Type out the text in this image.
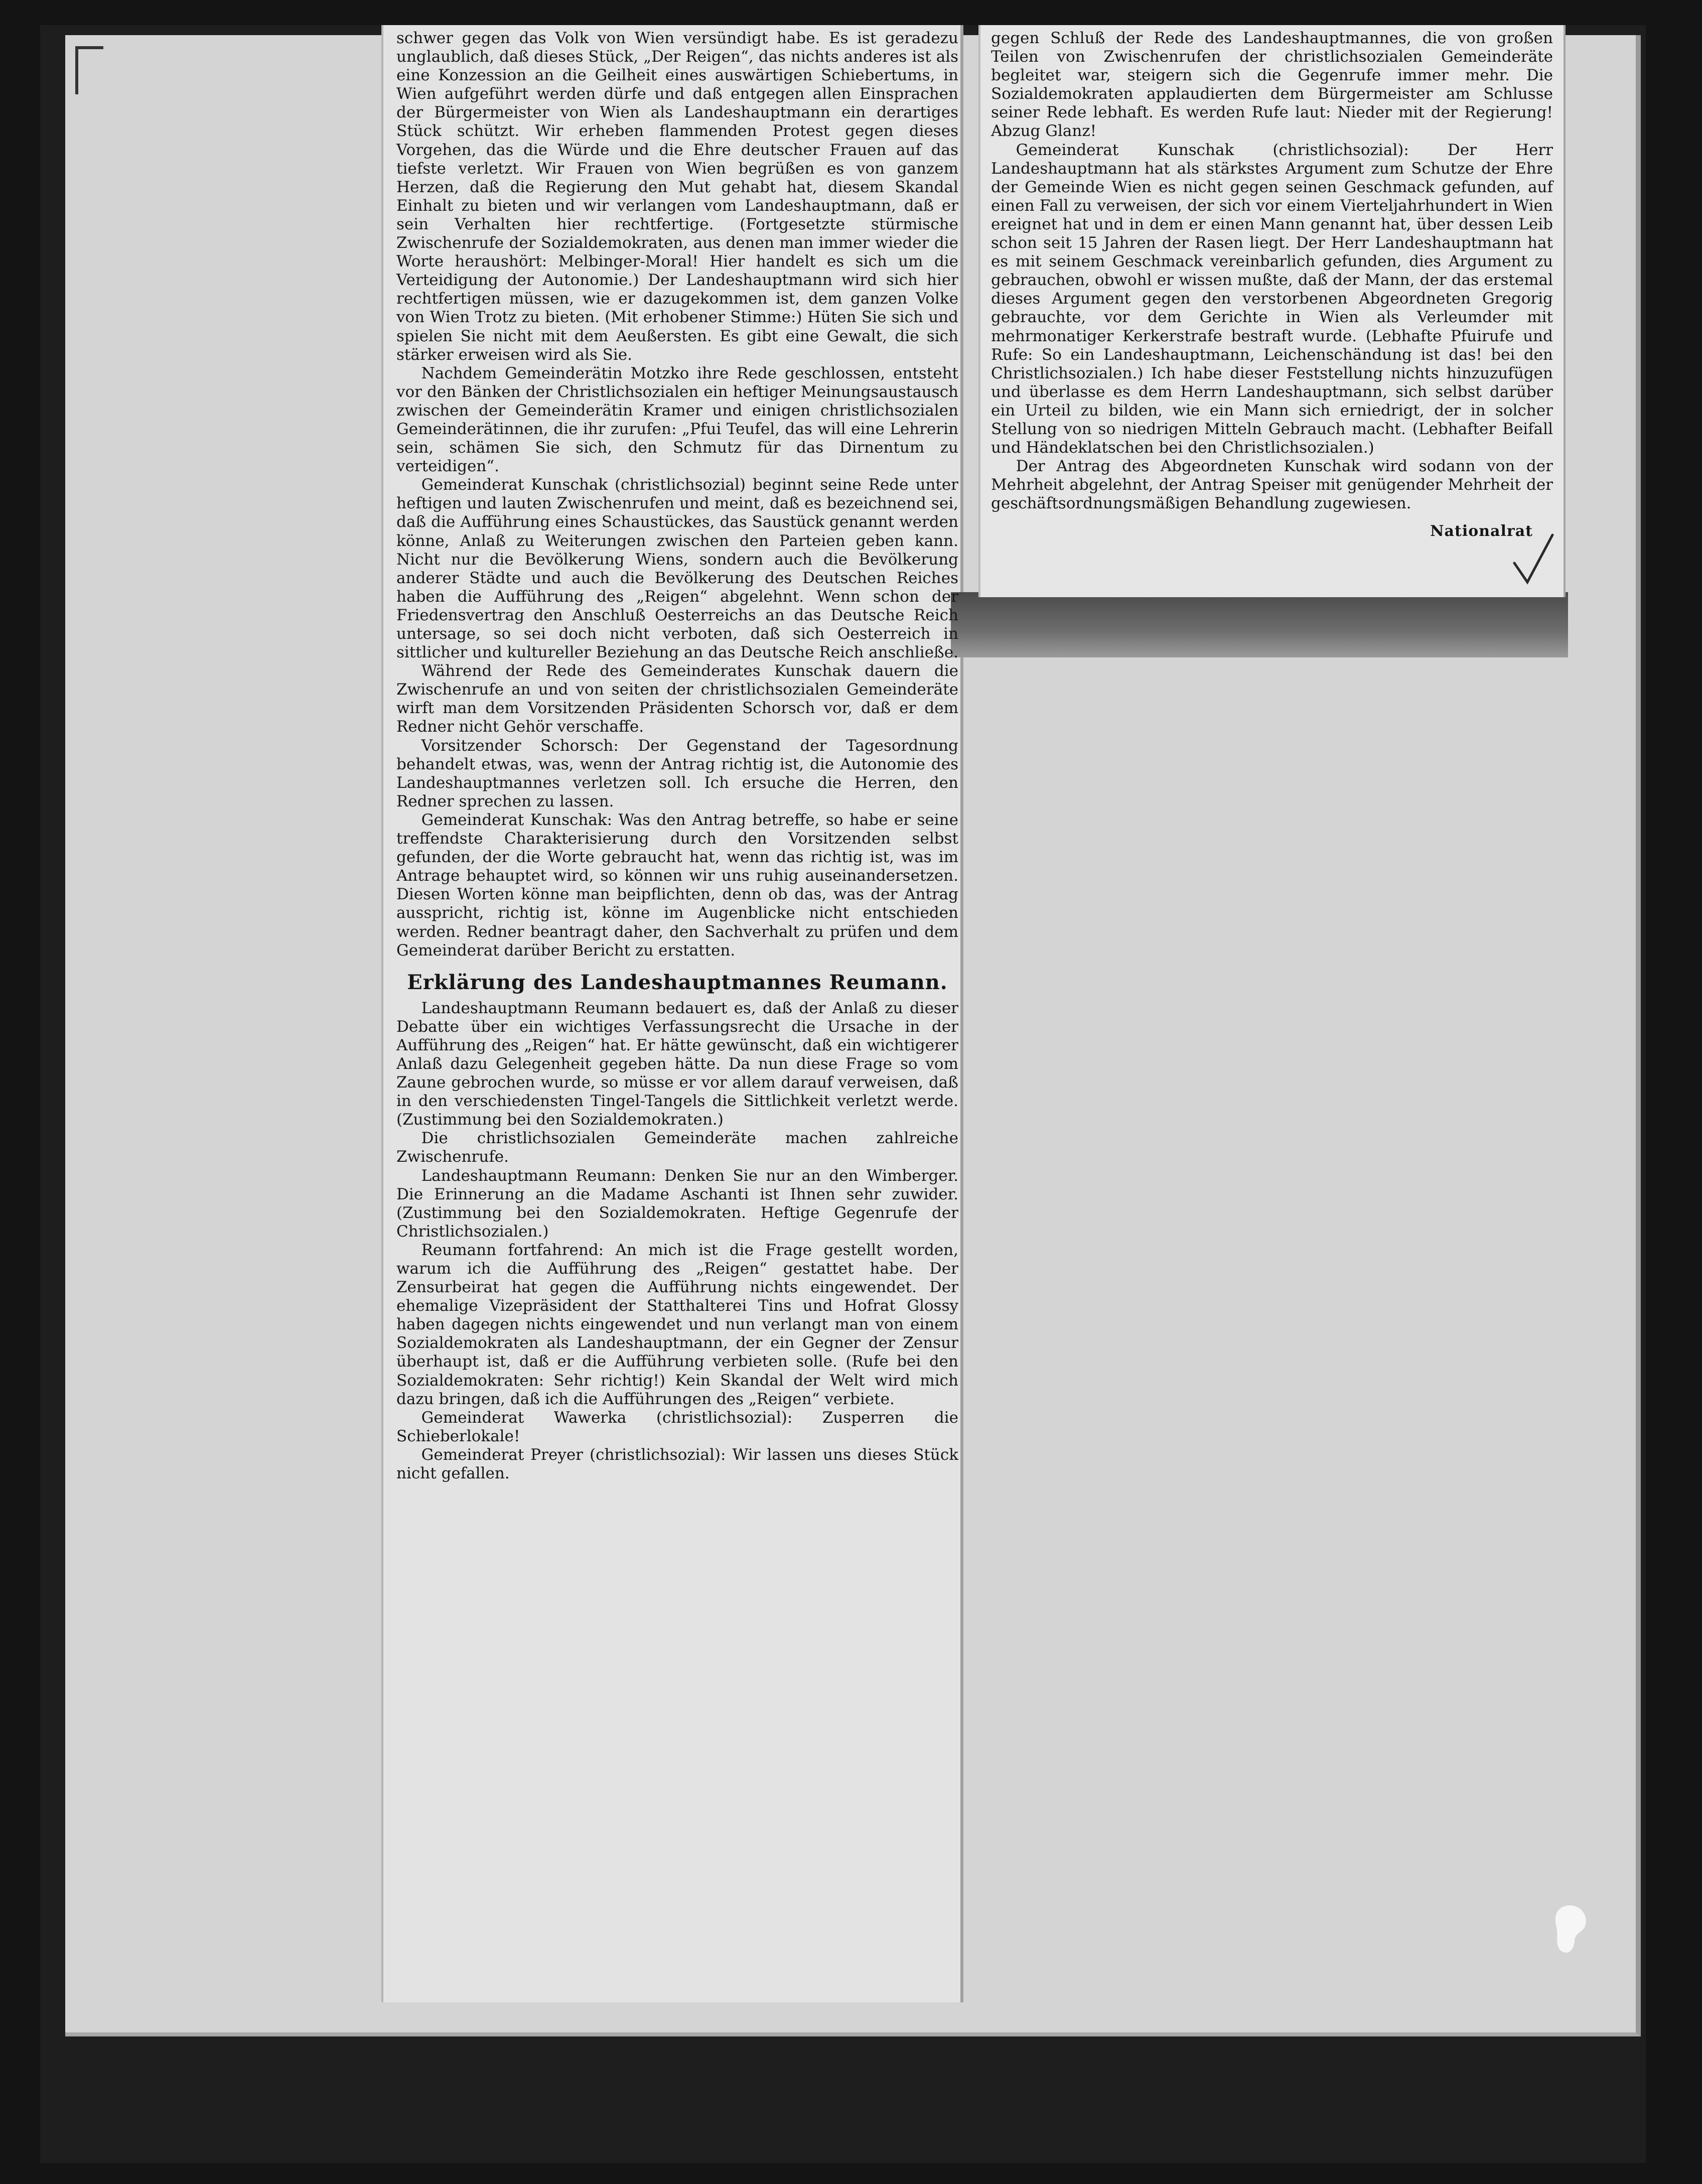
schwer gegen das Volk von Wien versündigt habe. Es ist geradezu unglaublich, daß dieses Stück, „Der Reigen“, das nichts anderes ist als eine Konzession an die Geilheit eines auswärtigen Schiebertums, in Wien aufgeführt werden dürfe und daß entgegen allen Einsprachen der Bürgermeister von Wien als Landeshauptmann ein derartiges Stück schützt. Wir erheben flammenden Protest gegen dieses Vorgehen, das die Würde und die Ehre deutscher Frauen auf das tiefste verletzt. Wir Frauen von Wien begrüßen es von ganzem Herzen, daß die Regierung den Mut gehabt hat, diesem Skandal Einhalt zu bieten und wir verlangen vom Landeshauptmann, daß er sein Verhalten hier rechtfertige. (Fortgesetzte stürmische Zwischenrufe der Sozialdemokraten, aus denen man immer wieder die Worte heraushört: Melbinger-Moral! Hier handelt es sich um die Verteidigung der Autonomie.) Der Landeshauptmann wird sich hier rechtfertigen müssen, wie er dazugekommen ist, dem ganzen Volke von Wien Trotz zu bieten. (Mit erhobener Stimme:) Hüten Sie sich und spielen Sie nicht mit dem Aeußersten. Es gibt eine Gewalt, die sich stärker erweisen wird als Sie.

Nachdem Gemeinderätin Motzko ihre Rede geschlossen, entsteht vor den Bänken der Christlichsozialen ein heftiger Meinungsaustausch zwischen der Gemeinderätin Kramer und einigen christlichsozialen Gemeinderätinnen, die ihr zurufen: „Pfui Teufel, das will eine Lehrerin sein, schämen Sie sich, den Schmutz für das Dirnentum zu verteidigen“.

Gemeinderat Kunschak (christlichsozial) beginnt seine Rede unter heftigen und lauten Zwischenrufen und meint, daß es bezeichnend sei, daß die Aufführung eines Schaustückes, das Saustück genannt werden könne, Anlaß zu Weiterungen zwischen den Parteien geben kann. Nicht nur die Bevölkerung Wiens, sondern auch die Bevölkerung anderer Städte und auch die Bevölkerung des Deutschen Reiches haben die Aufführung des „Reigen“ abgelehnt. Wenn schon der Friedensvertrag den Anschluß Oesterreichs an das Deutsche Reich untersage, so sei doch nicht verboten, daß sich Oesterreich in sittlicher und kultureller Beziehung an das Deutsche Reich anschließe.

Während der Rede des Gemeinderates Kunschak dauern die Zwischenrufe an und von seiten der christlichsozialen Gemeinderäte wirft man dem Vorsitzenden Präsidenten Schorsch vor, daß er dem Redner nicht Gehör verschaffe.

Vorsitzender Schorsch: Der Gegenstand der Tagesordnung behandelt etwas, was, wenn der Antrag richtig ist, die Autonomie des Landeshauptmannes verletzen soll. Ich ersuche die Herren, den Redner sprechen zu lassen.

Gemeinderat Kunschak: Was den Antrag betreffe, so habe er seine treffendste Charakterisierung durch den Vorsitzenden selbst gefunden, der die Worte gebraucht hat, wenn das richtig ist, was im Antrage behauptet wird, so können wir uns ruhig auseinandersetzen. Diesen Worten könne man beipflichten, denn ob das, was der Antrag ausspricht, richtig ist, könne im Augenblicke nicht entschieden werden. Redner beantragt daher, den Sachverhalt zu prüfen und dem Gemeinderat darüber Bericht zu erstatten.

Erklärung des Landeshauptmannes Reumann.

Landeshauptmann Reumann bedauert es, daß der Anlaß zu dieser Debatte über ein wichtiges Verfassungsrecht die Ursache in der Aufführung des „Reigen“ hat. Er hätte gewünscht, daß ein wichtigerer Anlaß dazu Gelegenheit gegeben hätte. Da nun diese Frage so vom Zaune gebrochen wurde, so müsse er vor allem darauf verweisen, daß in den verschiedensten Tingel-Tangels die Sittlichkeit verletzt werde. (Zustimmung bei den Sozialdemokraten.)

Die christlichsozialen Gemeinderäte machen zahlreiche Zwischenrufe.

Landeshauptmann Reumann: Denken Sie nur an den Wimberger. Die Erinnerung an die Madame Aschanti ist Ihnen sehr zuwider. (Zustimmung bei den Sozialdemokraten. Heftige Gegenrufe der Christlichsozialen.)

Reumann fortfahrend: An mich ist die Frage gestellt worden, warum ich die Aufführung des „Reigen“ gestattet habe. Der Zensurbeirat hat gegen die Aufführung nichts eingewendet. Der ehemalige Vizepräsident der Statthalterei Tins und Hofrat Glossy haben dagegen nichts eingewendet und nun verlangt man von einem Sozialdemokraten als Landeshauptmann, der ein Gegner der Zensur überhaupt ist, daß er die Aufführung verbieten solle. (Rufe bei den Sozialdemokraten: Sehr richtig!) Kein Skandal der Welt wird mich dazu bringen, daß ich die Aufführungen des „Reigen“ verbiete.

Gemeinderat Wawerka (christlichsozial): Zusperren die Schieberlokale!

Gemeinderat Preyer (christlichsozial): Wir lassen uns dieses Stück nicht gefallen.

gegen Schluß der Rede des Landeshauptmannes, die von großen Teilen von Zwischenrufen der christlichsozialen Gemeinderäte begleitet war, steigern sich die Gegenrufe immer mehr. Die Sozialdemokraten applaudierten dem Bürgermeister am Schlusse seiner Rede lebhaft. Es werden Rufe laut: Nieder mit der Regierung! Abzug Glanz!

Gemeinderat Kunschak (christlichsozial): Der Herr Landeshauptmann hat als stärkstes Argument zum Schutze der Ehre der Gemeinde Wien es nicht gegen seinen Geschmack gefunden, auf einen Fall zu verweisen, der sich vor einem Vierteljahrhundert in Wien ereignet hat und in dem er einen Mann genannt hat, über dessen Leib schon seit 15 Jahren der Rasen liegt. Der Herr Landeshauptmann hat es mit seinem Geschmack vereinbarlich gefunden, dies Argument zu gebrauchen, obwohl er wissen mußte, daß der Mann, der das erstemal dieses Argument gegen den verstorbenen Abgeordneten Gregorig gebrauchte, vor dem Gerichte in Wien als Verleumder mit mehrmonatiger Kerkerstrafe bestraft wurde. (Lebhafte Pfuirufe und Rufe: So ein Landeshauptmann, Leichenschändung ist das! bei den Christlichsozialen.) Ich habe dieser Feststellung nichts hinzuzufügen und überlasse es dem Herrn Landeshauptmann, sich selbst darüber ein Urteil zu bilden, wie ein Mann sich erniedrigt, der in solcher Stellung von so niedrigen Mitteln Gebrauch macht. (Lebhafter Beifall und Händeklatschen bei den Christlichsozialen.)

Der Antrag des Abgeordneten Kunschak wird sodann von der Mehrheit abgelehnt, der Antrag Speiser mit genügender Mehrheit der geschäftsordnungsmäßigen Behandlung zugewiesen.

Nationalrat
